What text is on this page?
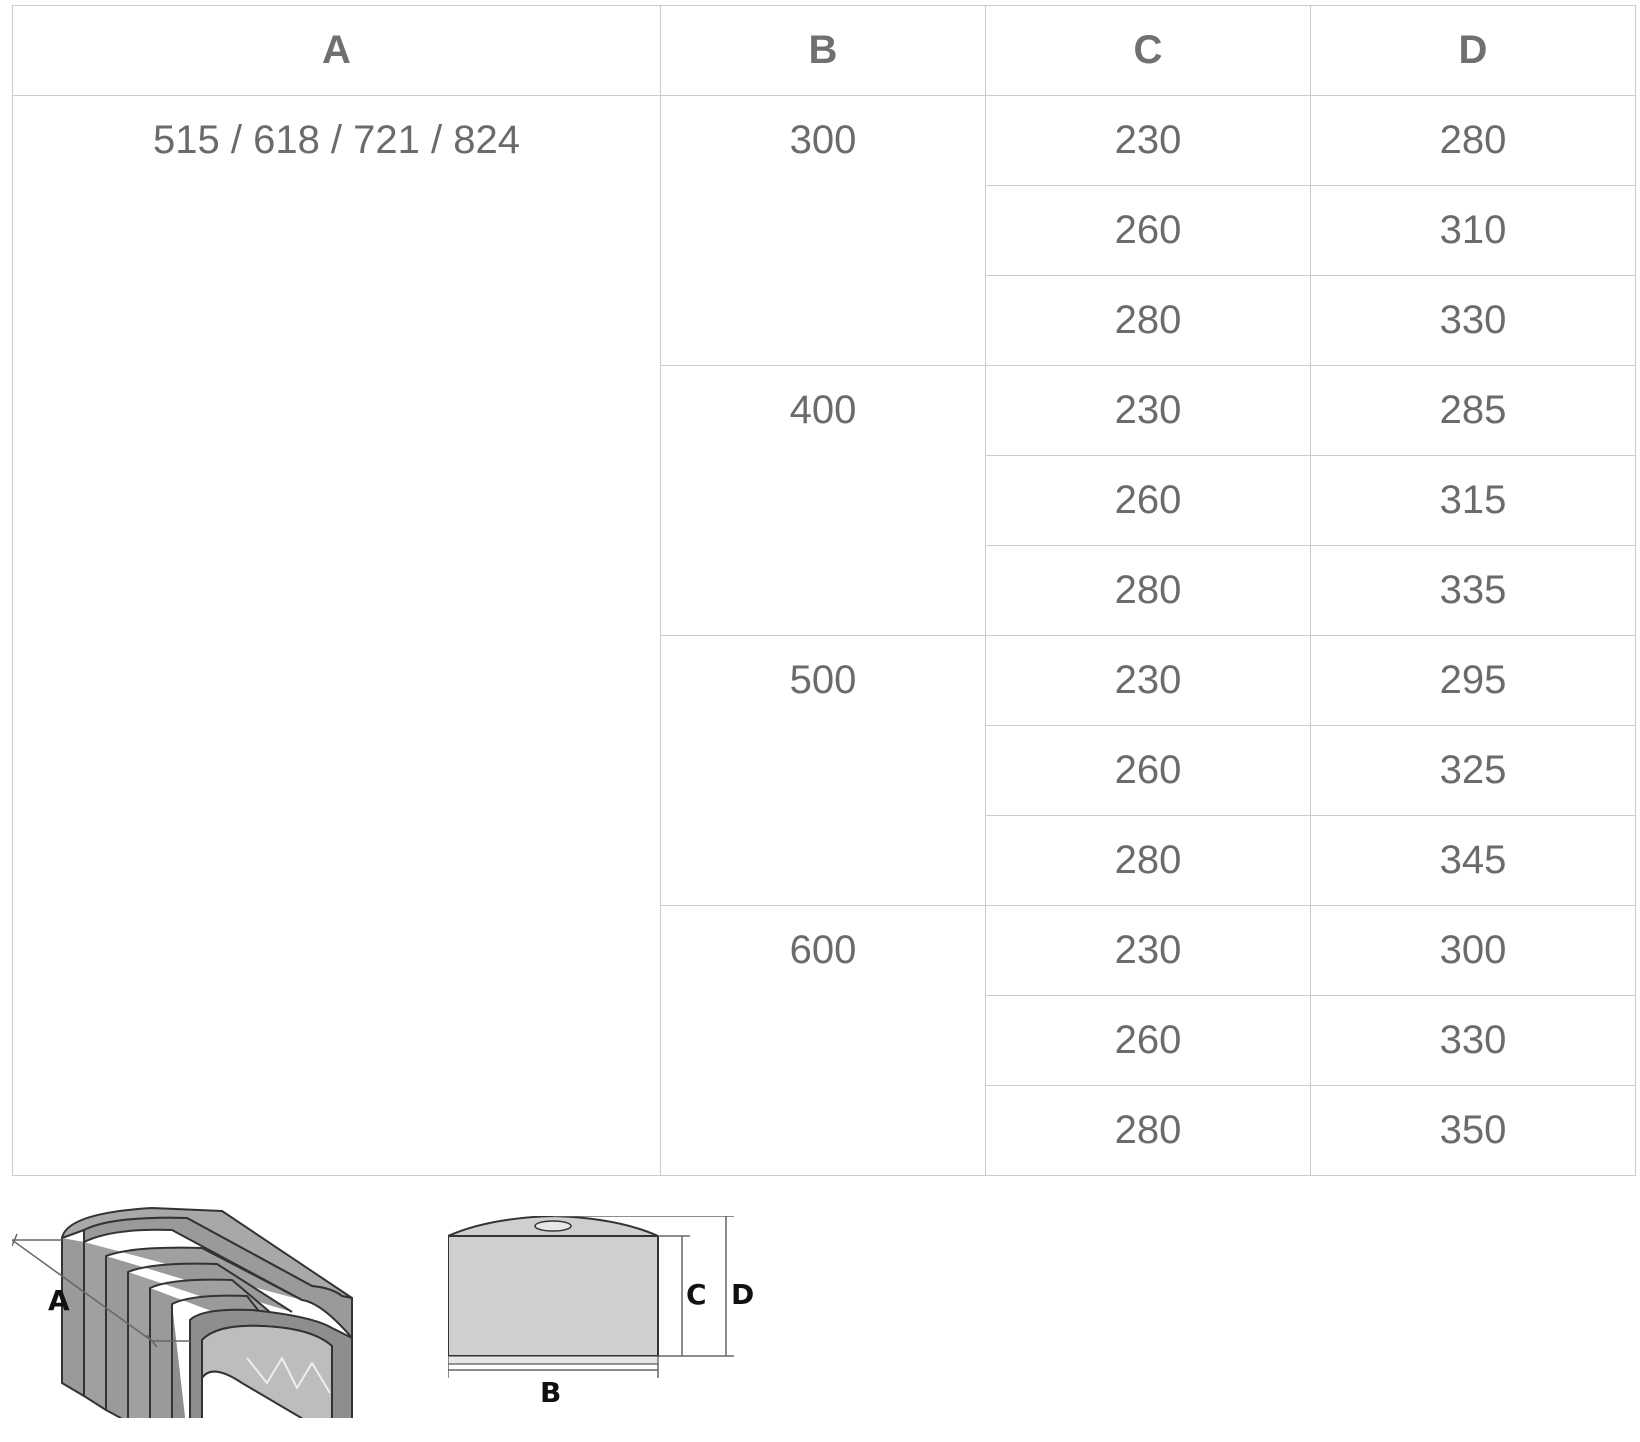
A	B	C	D
515 / 618 / 721 / 824	300	230	280
		260	310
		280	330
	400	230	285
		260	315
		280	335
	500	230	295
		260	325
		280	345
	600	230	300
		260	330
		280	350
A
B
C D
